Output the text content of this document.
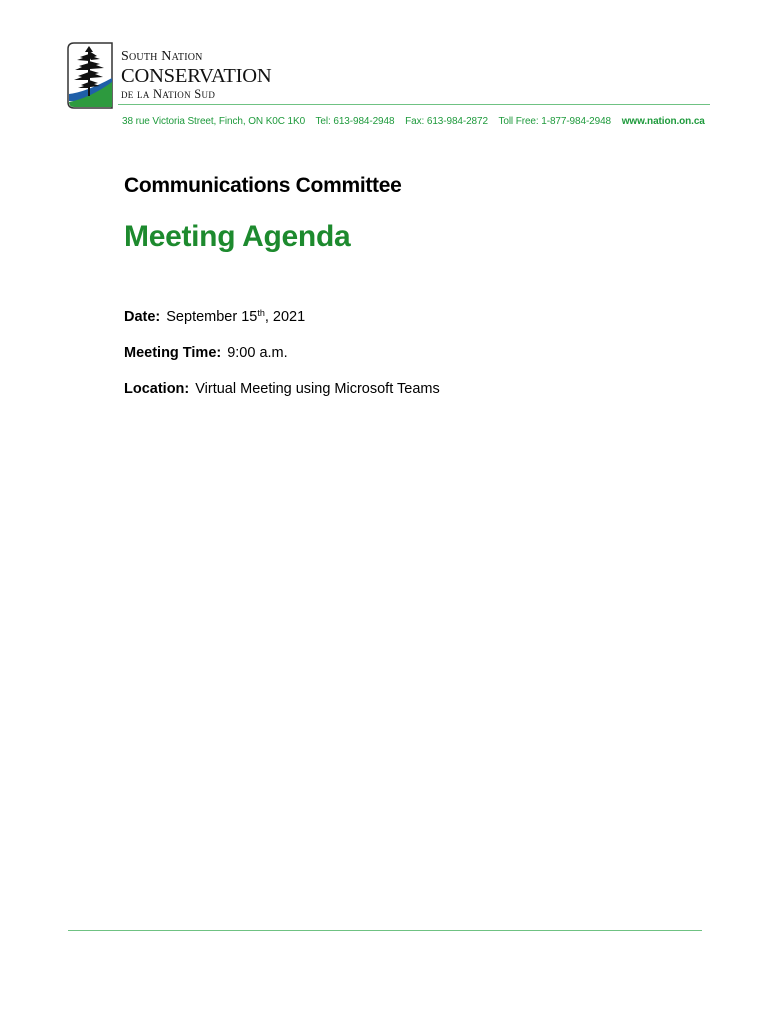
South Nation
CONSERVATION
de la Nation Sud
38 rue Victoria Street, Finch, ON K0C 1K0 Tel: 613-984-2948 Fax: 613-984-2872 Toll Free: 1-877-984-2948 www.nation.on.ca
Communications Committee
Meeting Agenda
Date: September 15th, 2021
Meeting Time: 9:00 a.m.
Location: Virtual Meeting using Microsoft Teams
